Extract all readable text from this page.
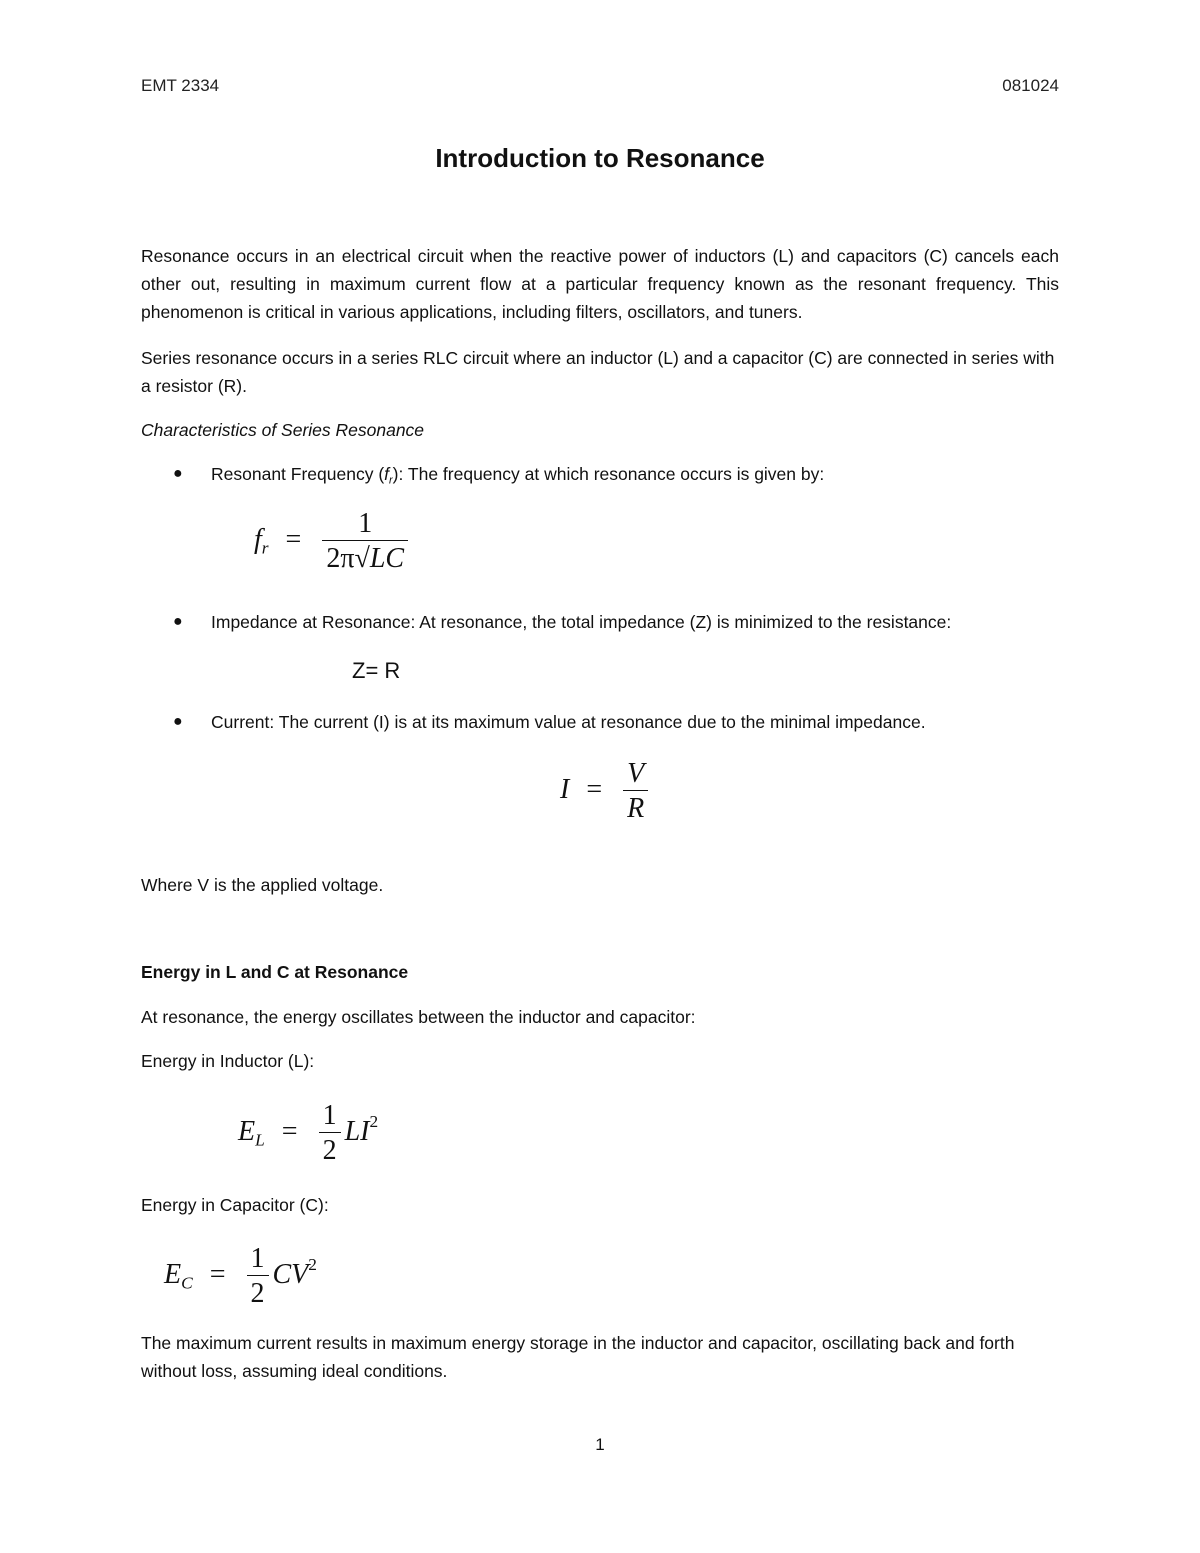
EMT 2334	081024
Introduction to Resonance
Resonance occurs in an electrical circuit when the reactive power of inductors (L) and capacitors (C) cancels each other out, resulting in maximum current flow at a particular frequency known as the resonant frequency. This phenomenon is critical in various applications, including filters, oscillators, and tuners.
Series resonance occurs in a series RLC circuit where an inductor (L) and a capacitor (C) are connected in series with a resistor (R).
Characteristics of Series Resonance
● Resonant Frequency $(f_r)$: The frequency at which resonance occurs is given by:
$f_r = \frac{1}{2\pi√LC}$
● Impedance at Resonance: At resonance, the total impedance (Z) is minimized to the resistance:
Z= R
● Current: The current (I) is at its maximum value at resonance due to the minimal impedance.
$I = \frac{V}{R}$
Where V is the applied voltage.
Energy in L and C at Resonance
At resonance, the energy oscillates between the inductor and capacitor:
Energy in Inductor (L):
$E_L = \frac{1}{2} LI^2$
Energy in Capacitor (C):
$E_C = \frac{1}{2} CV^2$
The maximum current results in maximum energy storage in the inductor and capacitor, oscillating back and forth without loss, assuming ideal conditions.
1
